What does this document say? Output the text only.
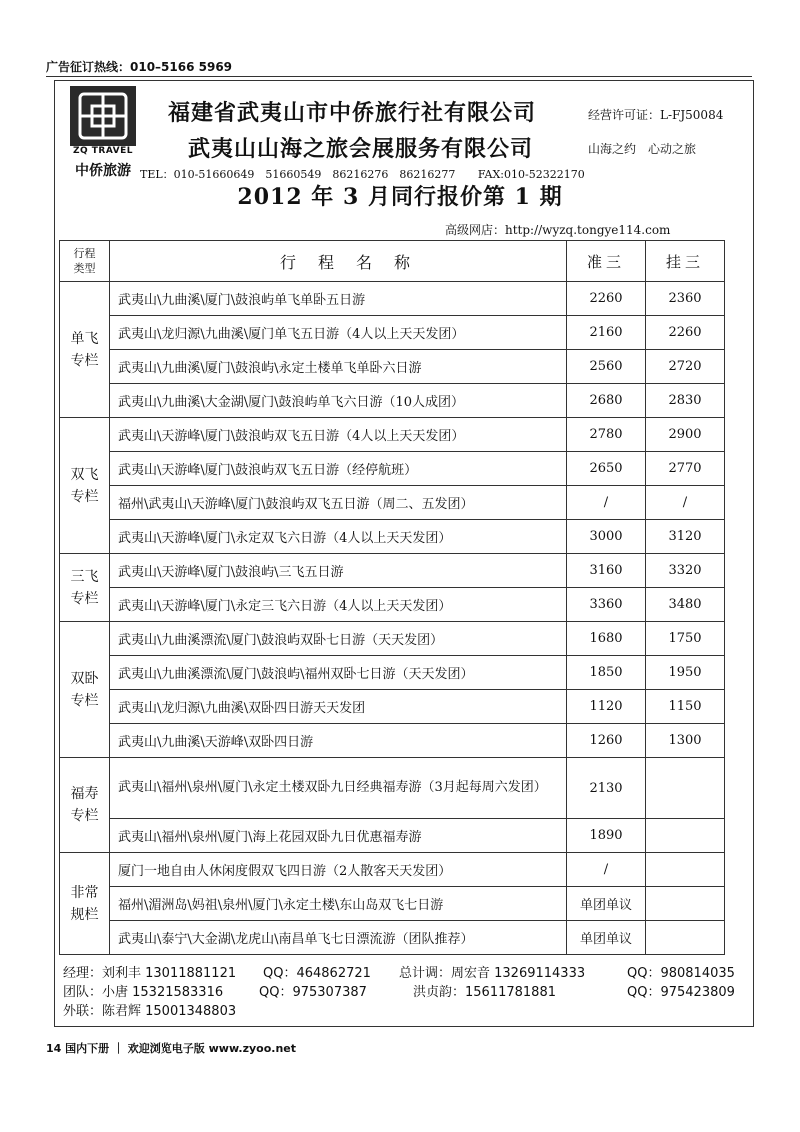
广告征订热线：010–5166 5969
ZQ TRAVEL
中侨旅游
福建省武夷山市中侨旅行社有限公司
武夷山山海之旅会展服务有限公司
经营许可证：L-FJ50084
山海之约　心动之旅
TEL：010-51660649　51660549　86216276　86216277 FAX:010-52322170
2012 年 3 月同行报价第 1 期
高级网店：http://wyzq.tongye114.com
行程
类型	行程名称	准三	挂三
单飞专栏	武夷山\九曲溪\厦门\鼓浪屿单飞单卧五日游	2260	2360
	武夷山\龙归源\九曲溪\厦门单飞五日游（4人以上天天发团）	2160	2260
	武夷山\九曲溪\厦门\鼓浪屿\永定土楼单飞单卧六日游	2560	2720
	武夷山\九曲溪\大金湖\厦门\鼓浪屿单飞六日游（10人成团）	2680	2830
双飞专栏	武夷山\天游峰\厦门\鼓浪屿双飞五日游（4人以上天天发团）	2780	2900
	武夷山\天游峰\厦门\鼓浪屿双飞五日游（经停航班）	2650	2770
	福州\武夷山\天游峰\厦门\鼓浪屿双飞五日游（周二、五发团）	/	/
	武夷山\天游峰\厦门\永定双飞六日游（4人以上天天发团）	3000	3120
三飞专栏	武夷山\天游峰\厦门\鼓浪屿\三飞五日游	3160	3320
	武夷山\天游峰\厦门\永定三飞六日游（4人以上天天发团）	3360	3480
双卧专栏	武夷山\九曲溪漂流\厦门\鼓浪屿双卧七日游（天天发团）	1680	1750
	武夷山\九曲溪漂流\厦门\鼓浪屿\福州双卧七日游（天天发团）	1850	1950
	武夷山\龙归源\九曲溪\双卧四日游天天发团	1120	1150
	武夷山\九曲溪\天游峰\双卧四日游	1260	1300
福寿专栏	武夷山\福州\泉州\厦门\永定土楼双卧九日经典福寿游（3月起每周六发团）	2130	
	武夷山\福州\泉州\厦门\海上花园双卧九日优惠福寿游	1890	
非常规栏	厦门一地自由人休闲度假双飞四日游（2人散客天天发团）	/	
	福州\湄洲岛\妈祖\泉州\厦门\永定土楼\东山岛双飞七日游	单团单议	
	武夷山\泰宁\大金湖\龙虎山\南昌单飞七日漂流游（团队推荐）	单团单议	
经理：刘利丰 13011881121 QQ：464862721 总计调：周宏音 13269114333	QQ：980814035
团队：小唐 15321583316	QQ：975307387	洪贞韵：15611781881	QQ：975423809
外联：陈君辉 15001348803
14 国内下册 ｜ 欢迎浏览电子版 www.zyoo.net
